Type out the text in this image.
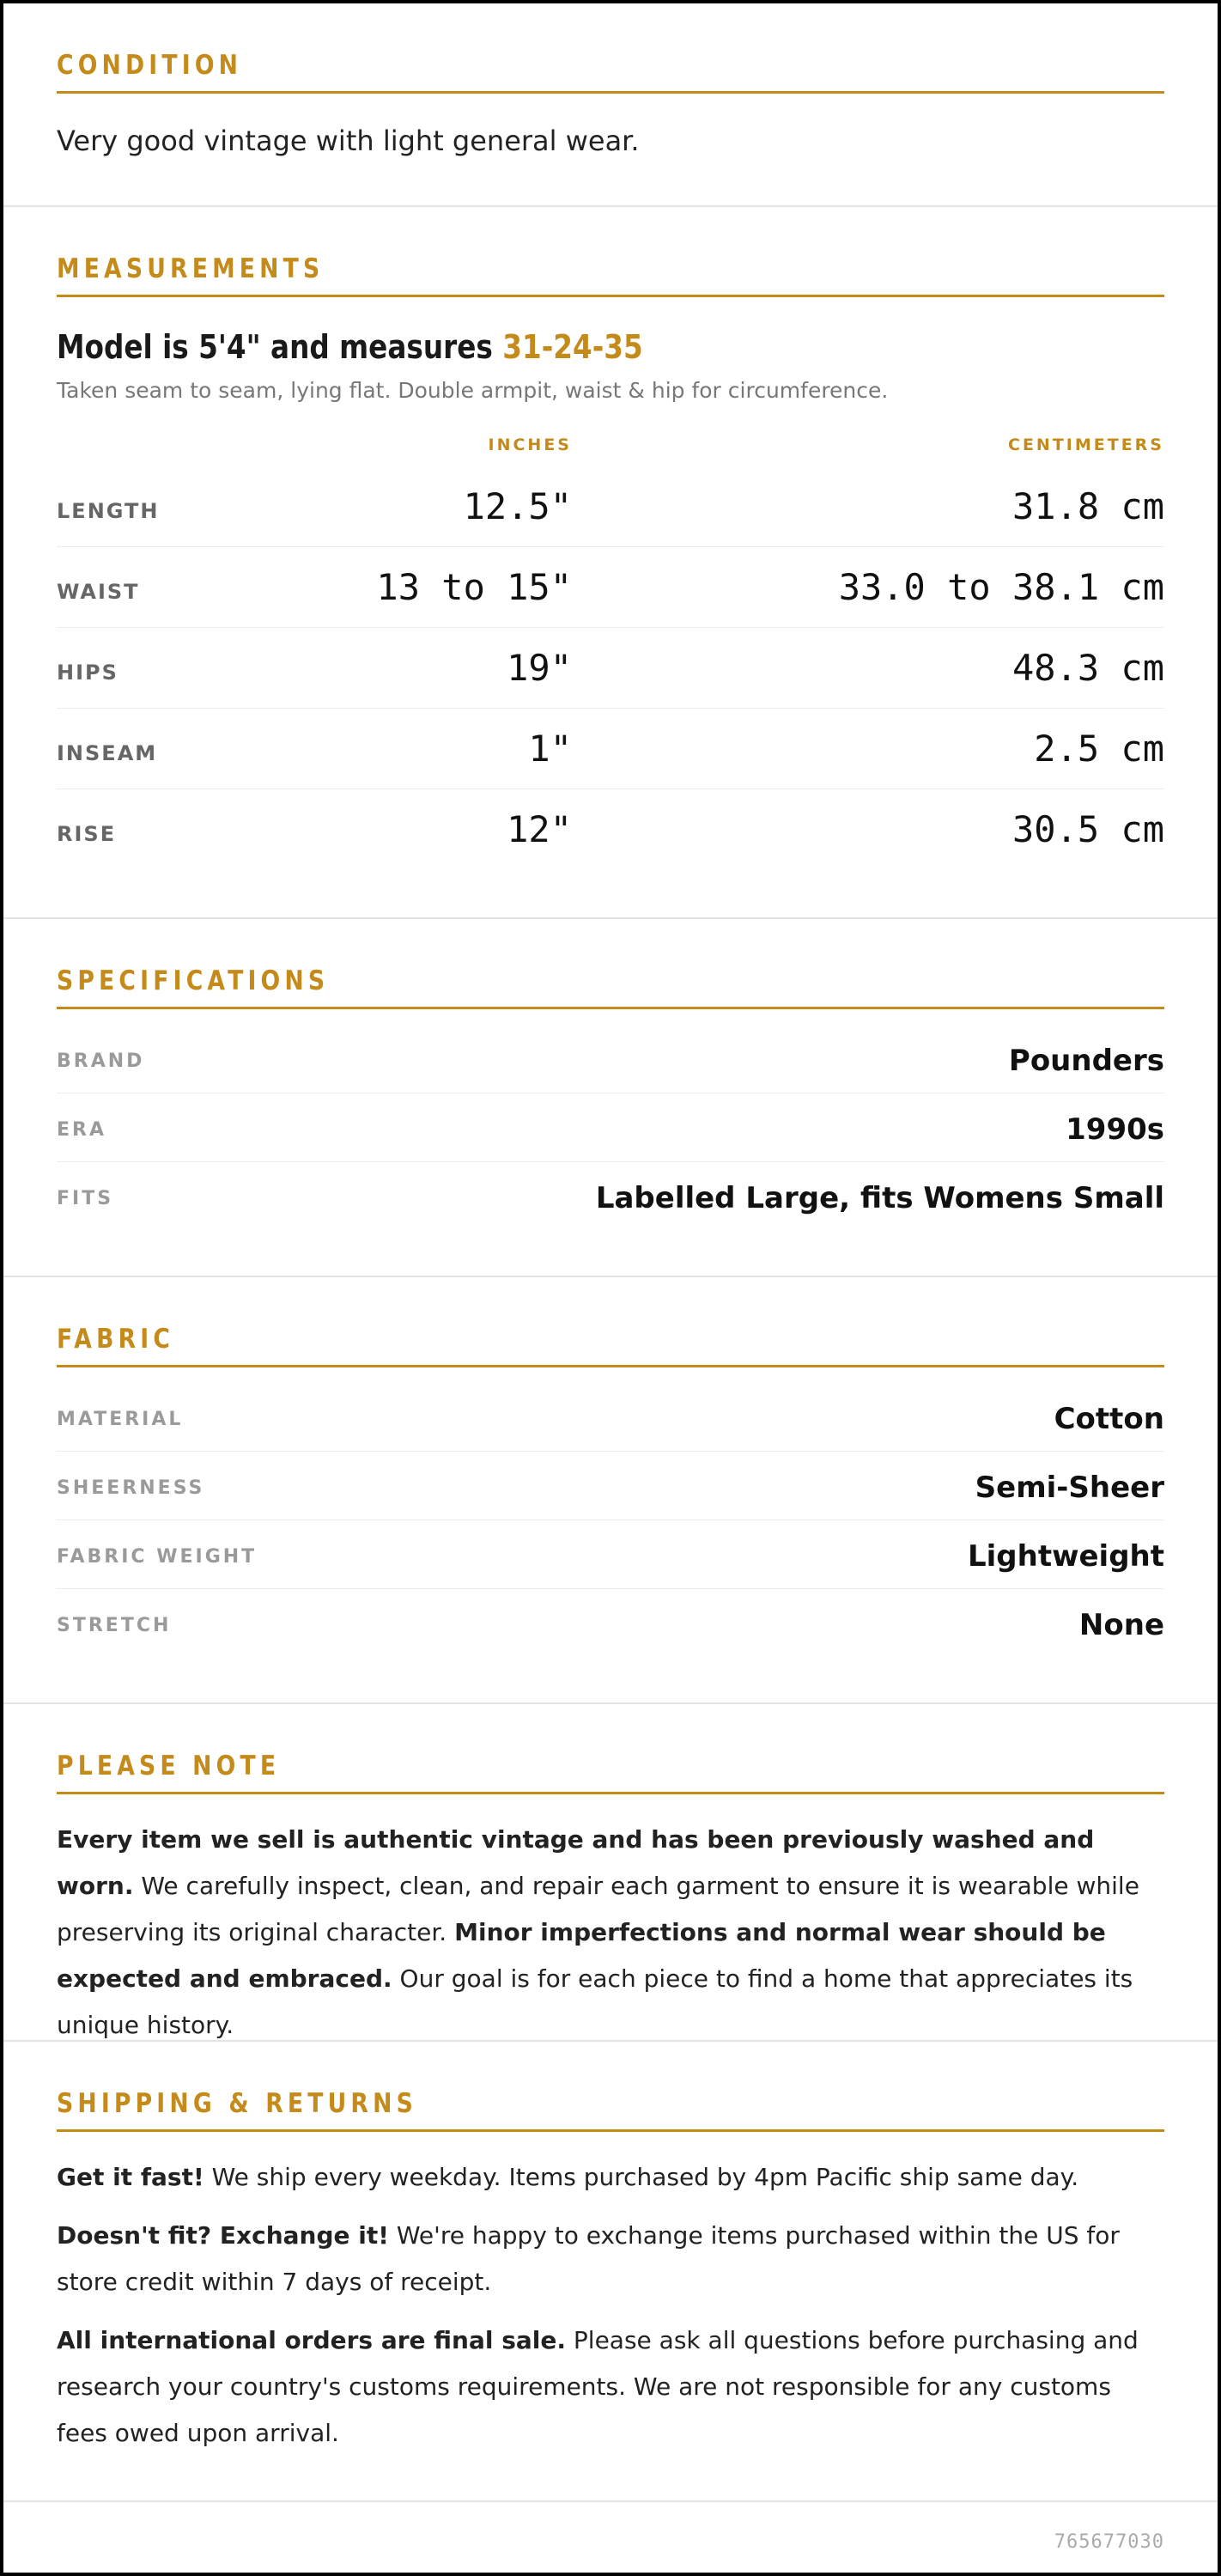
CONDITION
Very good vintage with light general wear.
MEASUREMENTS
Model is 5'4" and measures 31-24-35
Taken seam to seam, lying flat. Double armpit, waist & hip for circumference.
INCHES	CENTIMETERS
LENGTH	12.5"	31.8 cm
WAIST	13 to 15"	33.0 to 38.1 cm
HIPS	19"	48.3 cm
INSEAM	1"	2.5 cm
RISE	12"	30.5 cm
SPECIFICATIONS
BRAND	Pounders
ERA	1990s
FITS	Labelled Large, fits Womens Small
FABRIC
MATERIAL	Cotton
SHEERNESS	Semi-Sheer
FABRIC WEIGHT	Lightweight
STRETCH	None
PLEASE NOTE

Every item we sell is authentic vintage and has been previously washed and worn. We carefully inspect, clean, and repair each garment to ensure it is wearable while preserving its original character. Minor imperfections and normal wear should be expected and embraced. Our goal is for each piece to find a home that appreciates its unique history.

SHIPPING & RETURNS

Get it fast! We ship every weekday. Items purchased by 4pm Pacific ship same day.

Doesn't fit? Exchange it! We're happy to exchange items purchased within the US for store credit within 7 days of receipt.

All international orders are final sale. Please ask all questions before purchasing and research your country's customs requirements. We are not responsible for any customs fees owed upon arrival.

765677030
